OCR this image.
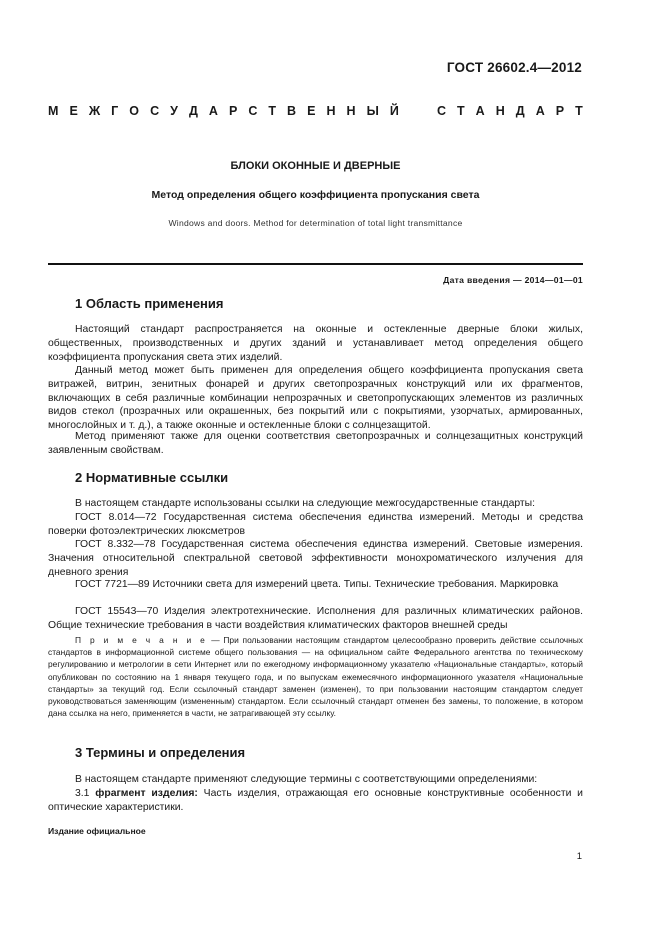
ГОСТ 26602.4—2012
М Е Ж Г О С У Д А Р С Т В Е Н Н Ы Й	С Т А Н Д А Р Т
БЛОКИ ОКОННЫЕ И ДВЕРНЫЕ
Метод определения общего коэффициента пропускания света
Windows and doors. Method for determination of total light transmittance
Дата введения — 2014—01—01
1 Область применения
Настоящий стандарт распространяется на оконные и остекленные дверные блоки жилых, общественных, производственных и других зданий и устанавливает метод определения общего коэффициента пропускания света этих изделий.
Данный метод может быть применен для определения общего коэффициента пропускания света витражей, витрин, зенитных фонарей и других светопрозрачных конструкций или их фрагментов, включающих в себя различные комбинации непрозрачных и светопропускающих элементов из различных видов стекол (прозрачных или окрашенных, без покрытий или с покрытиями, узорчатых, армированных, многослойных и т. д.), а также оконные и остекленные блоки с солнцезащитой.
Метод применяют также для оценки соответствия светопрозрачных и солнцезащитных конструкций заявленным свойствам.
2 Нормативные ссылки
В настоящем стандарте использованы ссылки на следующие межгосударственные стандарты:
ГОСТ 8.014—72 Государственная система обеспечения единства измерений. Методы и средства поверки фотоэлектрических люксметров
ГОСТ 8.332—78 Государственная система обеспечения единства измерений. Световые измерения. Значения относительной спектральной световой эффективности монохроматического излучения для дневного зрения
ГОСТ 7721—89 Источники света для измерений цвета. Типы. Технические требования. Маркировка
ГОСТ 15543—70 Изделия электротехнические. Исполнения для различных климатических районов. Общие технические требования в части воздействия климатических факторов внешней среды
П р и м е ч а н и е — При пользовании настоящим стандартом целесообразно проверить действие ссылочных стандартов в информационной системе общего пользования — на официальном сайте Федерального агентства по техническому регулированию и метрологии в сети Интернет или по ежегодному информационному указателю «Национальные стандарты», который опубликован по состоянию на 1 января текущего года, и по выпускам ежемесячного информационного указателя «Национальные стандарты» за текущий год. Если ссылочный стандарт заменен (изменен), то при пользовании настоящим стандартом следует руководствоваться заменяющим (измененным) стандартом. Если ссылочный стандарт отменен без замены, то положение, в котором дана ссылка на него, применяется в части, не затрагивающей эту ссылку.
3 Термины и определения
В настоящем стандарте применяют следующие термины с соответствующими определениями:
3.1 фрагмент изделия: Часть изделия, отражающая его основные конструктивные особенности и оптические характеристики.
Издание официальное
1
